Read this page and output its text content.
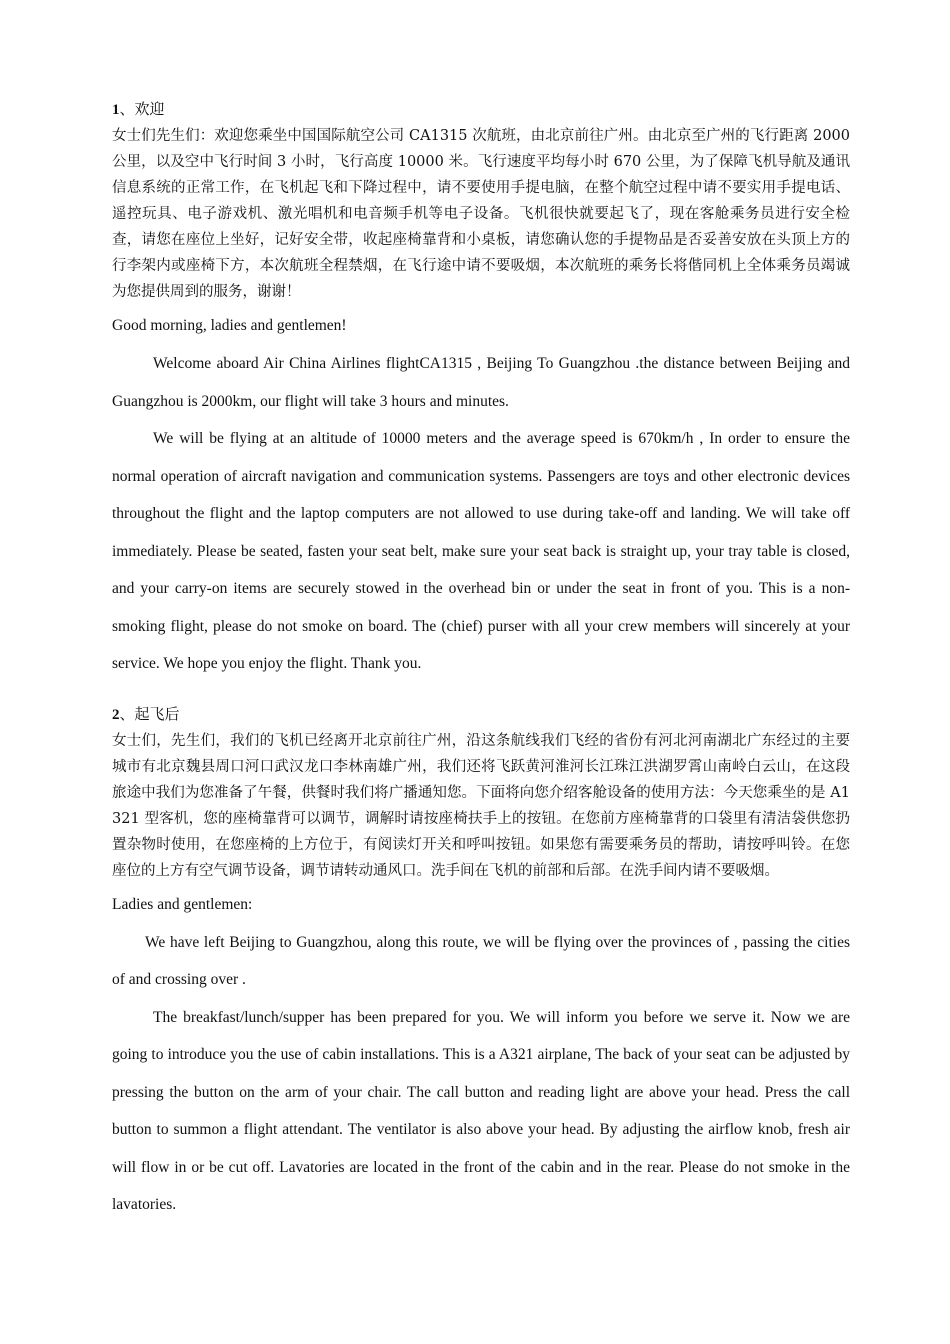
1、欢迎

女士们先生们：欢迎您乘坐中国国际航空公司 CA1315 次航班，由北京前往广州。由北京至广州的飞行距离 2000 公里，以及空中飞行时间 3 小时，飞行高度 10000 米。飞行速度平均每小时 670 公里，为了保障飞机导航及通讯信息系统的正常工作，在飞机起飞和下降过程中，请不要使用手提电脑，在整个航空过程中请不要实用手提电话、遥控玩具、电子游戏机、激光唱机和电音频手机等电子设备。飞机很快就要起飞了，现在客舱乘务员进行安全检查，请您在座位上坐好，记好安全带，收起座椅靠背和小桌板，请您确认您的手提物品是否妥善安放在头顶上方的行李架内或座椅下方，本次航班全程禁烟，在飞行途中请不要吸烟，本次航班的乘务长将偕同机上全体乘务员竭诚为您提供周到的服务，谢谢！

Good morning, ladies and gentlemen!

Welcome aboard Air China Airlines flightCA1315 , Beijing To Guangzhou .the distance between Beijing and Guangzhou is 2000km, our flight will take 3 hours and minutes.

We will be flying at an altitude of 10000 meters and the average speed is 670km/h , In order to ensure the normal operation of aircraft navigation and communication systems. Passengers are toys and other electronic devices throughout the flight and the laptop computers are not allowed to use during take-off and landing. We will take off immediately. Please be seated, fasten your seat belt, make sure your seat back is straight up, your tray table is closed, and your carry-on items are securely stowed in the overhead bin or under the seat in front of you. This is a non-smoking flight, please do not smoke on board. The (chief) purser with all your crew members will sincerely at your service. We hope you enjoy the flight. Thank you.

2、起飞后

女士们，先生们，我们的飞机已经离开北京前往广州，沿这条航线我们飞经的省份有河北河南湖北广东经过的主要城市有北京魏县周口河口武汉龙口李林南雄广州，我们还将飞跃黄河淮河长江珠江洪湖罗霄山南岭白云山，在这段旅途中我们为您准备了午餐，供餐时我们将广播通知您。下面将向您介绍客舱设备的使用方法：今天您乘坐的是 A1321 型客机，您的座椅靠背可以调节，调解时请按座椅扶手上的按钮。在您前方座椅靠背的口袋里有清洁袋供您扔置杂物时使用，在您座椅的上方位于，有阅读灯开关和呼叫按钮。如果您有需要乘务员的帮助，请按呼叫铃。在您座位的上方有空气调节设备，调节请转动通风口。洗手间在飞机的前部和后部。在洗手间内请不要吸烟。

Ladies and gentlemen:

We have left Beijing to Guangzhou, along this route, we will be flying over the provinces of , passing the cities of and crossing over .

The breakfast/lunch/supper has been prepared for you. We will inform you before we serve it. Now we are going to introduce you the use of cabin installations. This is a A321 airplane, The back of your seat can be adjusted by pressing the button on the arm of your chair. The call button and reading light are above your head. Press the call button to summon a flight attendant. The ventilator is also above your head. By adjusting the airflow knob, fresh air will flow in or be cut off. Lavatories are located in the front of the cabin and in the rear. Please do not smoke in the lavatories.
